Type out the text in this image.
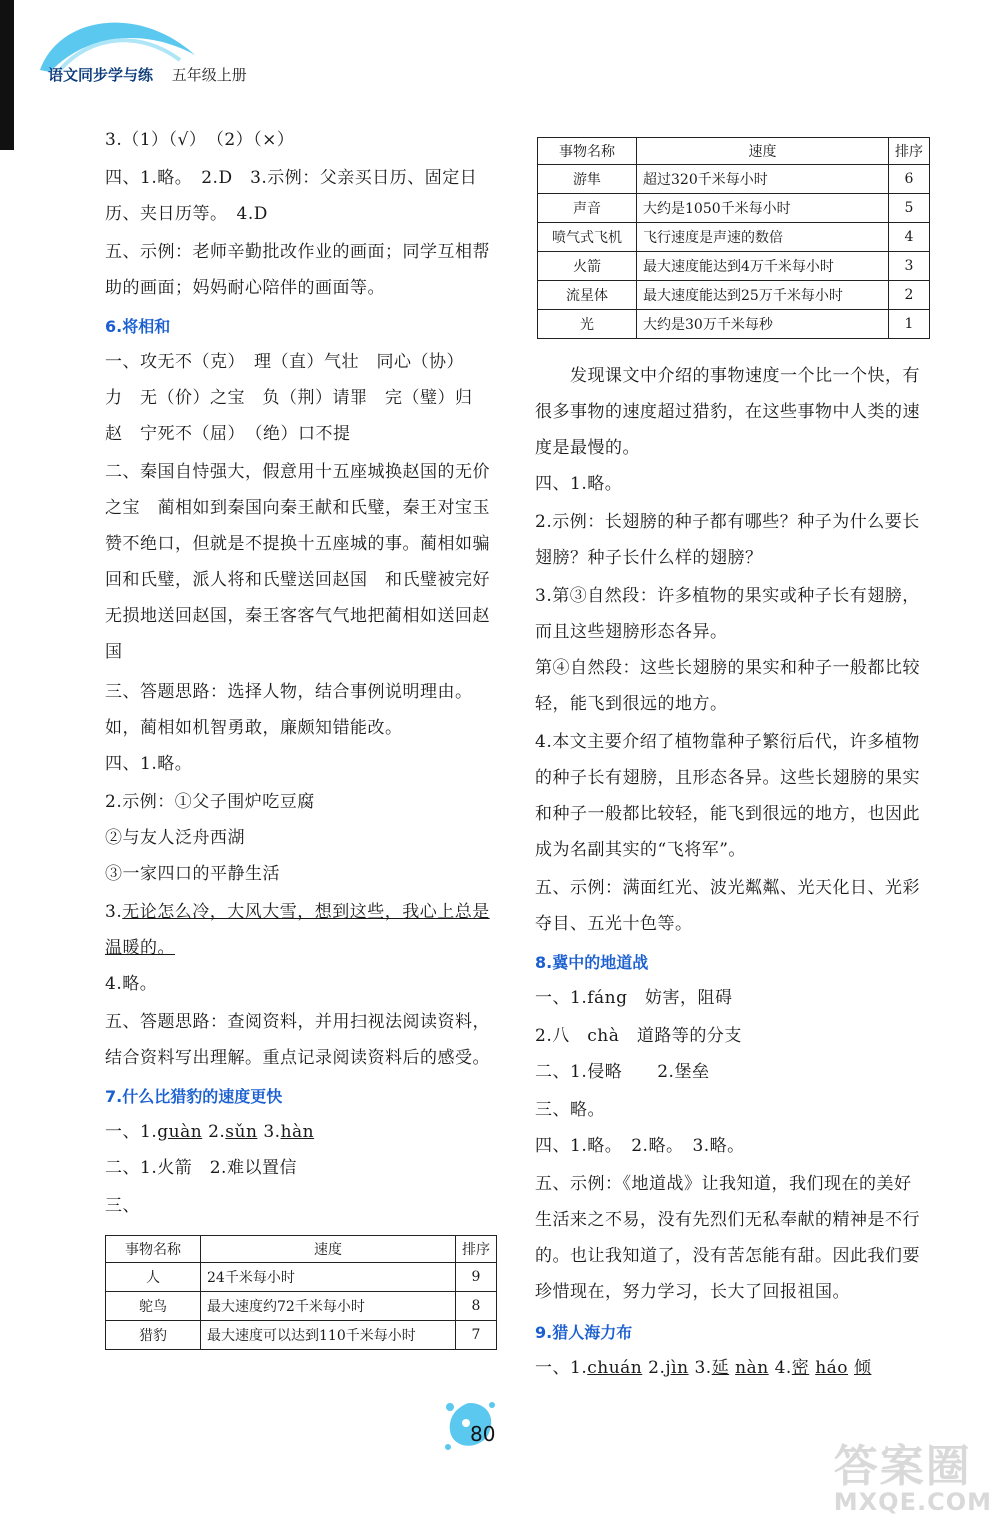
语文同步学与练 五年级上册
3.（1）（√）　（2）（×）
四、1.略。　2.D　3.示例：父亲买日历、固定日
历、夹日历等。　4.D
五、示例：老师辛勤批改作业的画面；同学互相帮
助的画面；妈妈耐心陪伴的画面等。
6.将相和
一、攻无不（克）　理（直）气壮　同心（协）
力　无（价）之宝　负（荆）请罪　完（璧）归
赵　宁死不（屈）　（绝）口不提
二、秦国自恃强大，假意用十五座城换赵国的无价
之宝　蔺相如到秦国向秦王献和氏璧，秦王对宝玉
赞不绝口，但就是不提换十五座城的事。蔺相如骗
回和氏璧，派人将和氏璧送回赵国　和氏璧被完好
无损地送回赵国，秦王客客气气地把蔺相如送回赵
国
三、答题思路：选择人物，结合事例说明理由。
如，蔺相如机智勇敢，廉颇知错能改。
四、1.略。
2.示例：①父子围炉吃豆腐
②与友人泛舟西湖
③一家四口的平静生活
3.无论怎么冷，大风大雪，想到这些，我心上总是
温暖的。
4.略。
五、答题思路：查阅资料，并用扫视法阅读资料，
结合资料写出理解。重点记录阅读资料后的感受。
7.什么比猎豹的速度更快
一、1.guàn 2.sǔn 3.hàn
二、1.火箭　2.难以置信
三、
事物名称	速度	排序
人	24千米每小时	9
鸵鸟	最大速度约72千米每小时	8
猎豹	最大速度可以达到110千米每小时	7
事物名称	速度	排序
游隼	超过320千米每小时	6
声音	大约是1050千米每小时	5
喷气式飞机	飞行速度是声速的数倍	4
火箭	最大速度能达到4万千米每小时	3
流星体	最大速度能达到25万千米每小时	2
光	大约是30万千米每秒	1
　　发现课文中介绍的事物速度一个比一个快，有
很多事物的速度超过猎豹，在这些事物中人类的速
度是最慢的。
四、1.略。
2.示例：长翅膀的种子都有哪些？种子为什么要长
翅膀？种子长什么样的翅膀？
3.第③自然段：许多植物的果实或种子长有翅膀，
而且这些翅膀形态各异。
第④自然段：这些长翅膀的果实和种子一般都比较
轻，能飞到很远的地方。
4.本文主要介绍了植物靠种子繁衍后代，许多植物
的种子长有翅膀，且形态各异。这些长翅膀的果实
和种子一般都比较轻，能飞到很远的地方，也因此
成为名副其实的“飞将军”。
五、示例：满面红光、波光粼粼、光天化日、光彩
夺目、五光十色等。
8.冀中的地道战
一、1.fáng　妨害，阻碍
2.八　chà　道路等的分支
二、1.侵略　　2.堡垒
三、略。
四、1.略。　2.略。　3.略。
五、示例：《地道战》让我知道，我们现在的美好
生活来之不易，没有先烈们无私奉献的精神是不行
的。也让我知道了，没有苦怎能有甜。因此我们要
珍惜现在，努力学习，长大了回报祖国。
9.猎人海力布
一、1.chuán 2.jìn 3.延 nàn 4.密 háo 倾
80
答案圈
MXQE.COM
